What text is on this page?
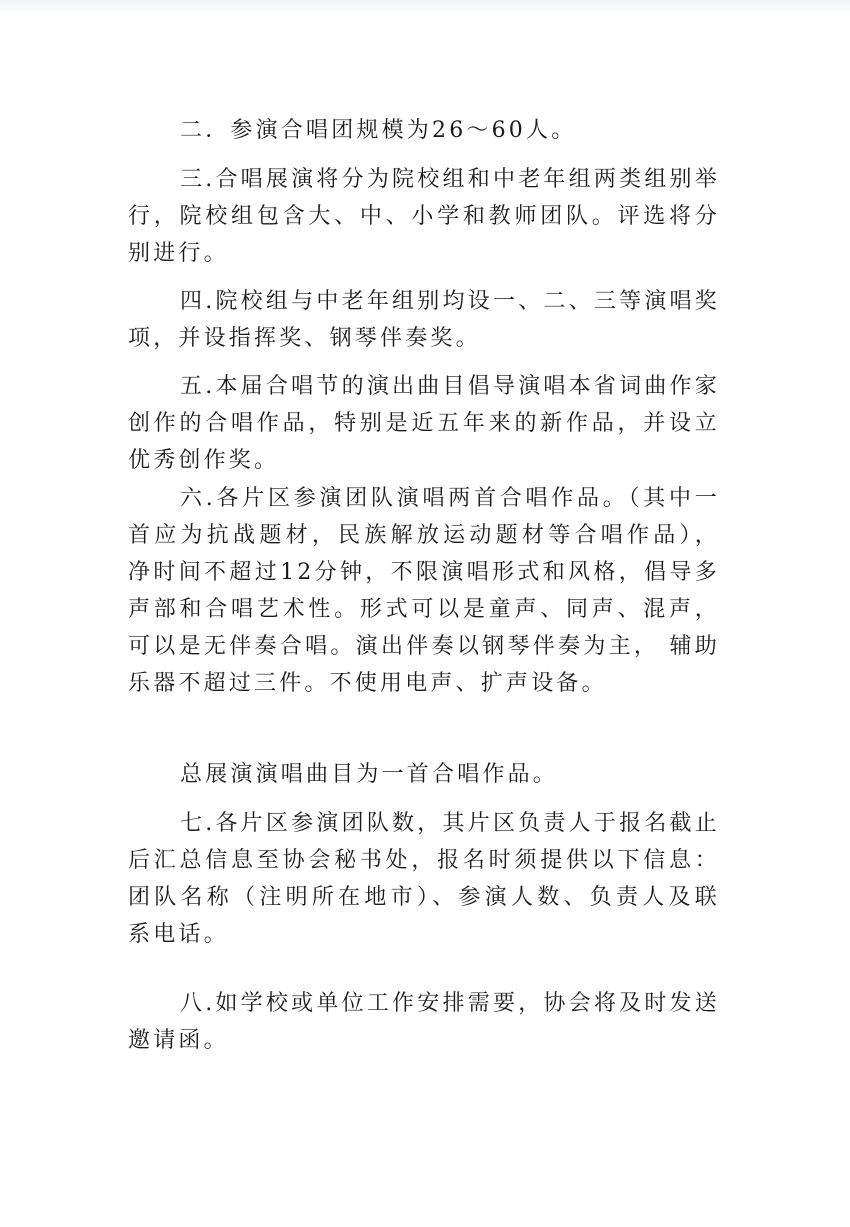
二．参演合唱团规模为26～60人。

三.合唱展演将分为院校组和中老年组两类组别举行，院校组包含大、中、小学和教师团队。评选将分别进行。

四.院校组与中老年组别均设一、二、三等演唱奖项，并设指挥奖、钢琴伴奏奖。

五.本届合唱节的演出曲目倡导演唱本省词曲作家创作的合唱作品，特别是近五年来的新作品，并设立优秀创作奖。

六.各片区参演团队演唱两首合唱作品。（其中一首应为抗战题材，民族解放运动题材等合唱作品），净时间不超过12分钟，不限演唱形式和风格，倡导多声部和合唱艺术性。形式可以是童声、同声、混声，可以是无伴奏合唱。演出伴奏以钢琴伴奏为主， 辅助乐器不超过三件。不使用电声、扩声设备。

总展演演唱曲目为一首合唱作品。

七.各片区参演团队数，其片区负责人于报名截止后汇总信息至协会秘书处，报名时须提供以下信息：团队名称（注明所在地市）、参演人数、负责人及联系电话。

八.如学校或单位工作安排需要，协会将及时发送邀请函。
